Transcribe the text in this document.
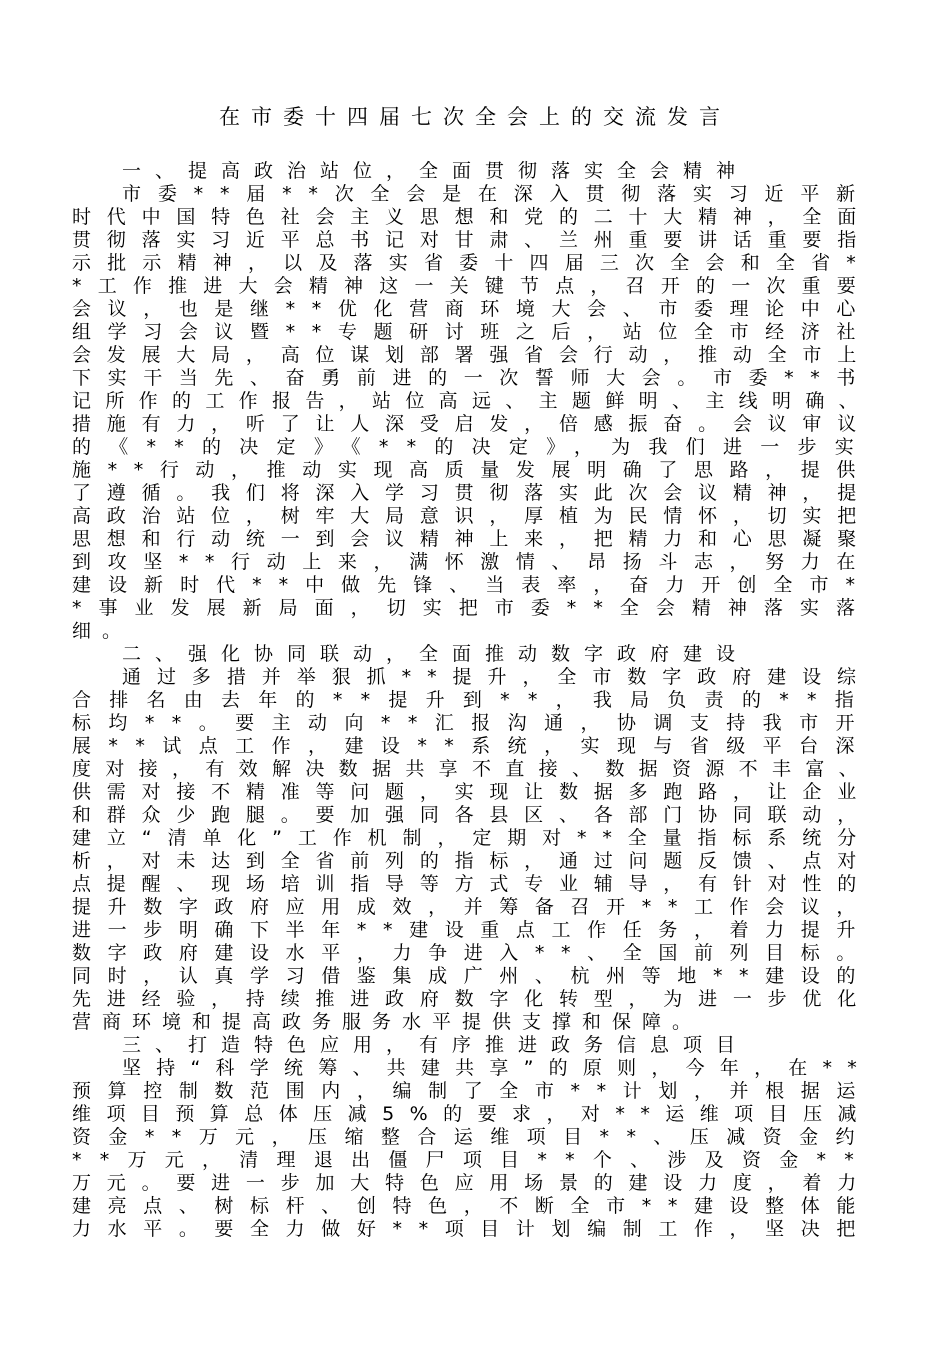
在市委十四届七次全会上的交流发言
一、提高政治站位，全面贯彻落实全会精神
市委**届**次全会是在深入贯彻落实习近平新
时代中国特色社会主义思想和党的二十大精神，全面
贯彻落实习近平总书记对甘肃、兰州重要讲话重要指
示批示精神，以及落实省委十四届三次全会和全省*
*工作推进大会精神这一关键节点，召开的一次重要
会议，也是继**优化营商环境大会、市委理论中心
组学习会议暨**专题研讨班之后，站位全市经济社
会发展大局，高位谋划部署强省会行动，推动全市上
下实干当先、奋勇前进的一次誓师大会。市委**书
记所作的工作报告，站位高远、主题鲜明、主线明确、
措施有力，听了让人深受启发，倍感振奋。会议审议
的《**的决定》《**的决定》，为我们进一步实
施**行动，推动实现高质量发展明确了思路，提供
了遵循。我们将深入学习贯彻落实此次会议精神，提
高政治站位，树牢大局意识，厚植为民情怀，切实把
思想和行动统一到会议精神上来，把精力和心思凝聚
到攻坚**行动上来，满怀激情、昂扬斗志，努力在
建设新时代**中做先锋、当表率，奋力开创全市*
*事业发展新局面，切实把市委**全会精神落实落
细。
二、强化协同联动，全面推动数字政府建设
通过多措并举狠抓**提升，全市数字政府建设综
合排名由去年的**提升到**，我局负责的**指
标均**。要主动向**汇报沟通，协调支持我市开
展**试点工作，建设**系统，实现与省级平台深
度对接，有效解决数据共享不直接、数据资源不丰富、
供需对接不精准等问题，实现让数据多跑路，让企业
和群众少跑腿。要加强同各县区、各部门协同联动，
建立“清单化”工作机制，定期对**全量指标系统分
析，对未达到全省前列的指标，通过问题反馈、点对
点提醒、现场培训指导等方式专业辅导，有针对性的
提升数字政府应用成效，并筹备召开**工作会议，
进一步明确下半年**建设重点工作任务，着力提升
数字政府建设水平，力争进入**、全国前列目标。
同时，认真学习借鉴集成广州、杭州等地**建设的
先进经验，持续推进政府数字化转型，为进一步优化
营商环境和提高政务服务水平提供支撑和保障。
三、打造特色应用，有序推进政务信息项目
坚持“科学统筹、共建共享”的原则，今年，在**
预算控制数范围内，编制了全市**计划，并根据运
维项目预算总体压减5%的要求，对**运维项目压减
资金**万元，压缩整合运维项目**、压减资金约
**万元，清理退出僵尸项目**个、涉及资金**
万元。要进一步加大特色应用场景的建设力度，着力
建亮点、树标杆、创特色，不断全市**建设整体能
力水平。要全力做好**项目计划编制工作，坚决把
